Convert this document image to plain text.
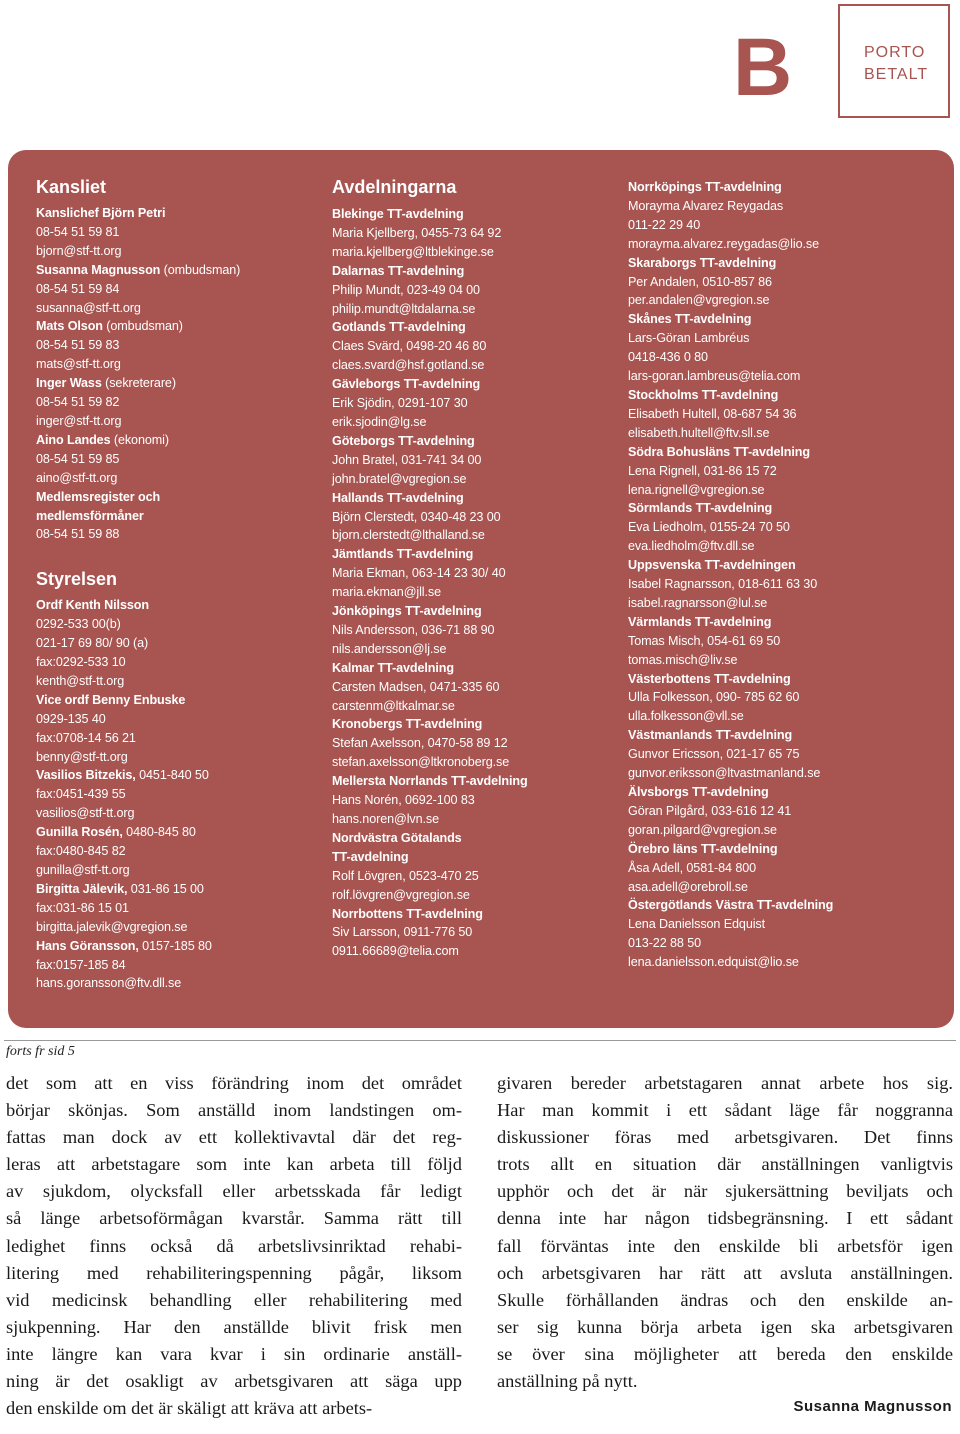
B	PORTO
BETALT
Kansliet
Kanslichef Björn Petri
08-54 51 59 81
bjorn@stf-tt.org
Susanna Magnusson (ombudsman)
08-54 51 59 84
susanna@stf-tt.org
Mats Olson (ombudsman)
08-54 51 59 83
mats@stf-tt.org
Inger Wass (sekreterare)
08-54 51 59 82
inger@stf-tt.org
Aino Landes (ekonomi)
08-54 51 59 85
aino@stf-tt.org
Medlemsregister och
medlemsförmåner
08-54 51 59 88
Styrelsen
Ordf Kenth Nilsson
0292-533 00(b)
021-17 69 80/ 90 (a)
fax:0292-533 10
kenth@stf-tt.org
Vice ordf Benny Enbuske
0929-135 40
fax:0708-14 56 21
benny@stf-tt.org
Vasilios Bitzekis, 0451-840 50
fax:0451-439 55
vasilios@stf-tt.org
Gunilla Rosén, 0480-845 80
fax:0480-845 82
gunilla@stf-tt.org
Birgitta Jälevik, 031-86 15 00
fax:031-86 15 01
birgitta.jalevik@vgregion.se
Hans Göransson, 0157-185 80
fax:0157-185 84
hans.goransson@ftv.dll.se
Avdelningarna
Blekinge TT-avdelning
Maria Kjellberg, 0455-73 64 92
maria.kjellberg@ltblekinge.se
Dalarnas TT-avdelning
Philip Mundt, 023-49 04 00
philip.mundt@ltdalarna.se
Gotlands TT-avdelning
Claes Svärd, 0498-20 46 80
claes.svard@hsf.gotland.se
Gävleborgs TT-avdelning
Erik Sjödin, 0291-107 30
erik.sjodin@lg.se
Göteborgs TT-avdelning
John Bratel, 031-741 34 00
john.bratel@vgregion.se
Hallands TT-avdelning
Björn Clerstedt, 0340-48 23 00
bjorn.clerstedt@lthalland.se
Jämtlands TT-avdelning
Maria Ekman, 063-14 23 30/ 40
maria.ekman@jll.se
Jönköpings TT-avdelning
Nils Andersson, 036-71 88 90
nils.andersson@lj.se
Kalmar TT-avdelning
Carsten Madsen, 0471-335 60
carstenm@ltkalmar.se
Kronobergs TT-avdelning
Stefan Axelsson, 0470-58 89 12
stefan.axelsson@ltkronoberg.se
Mellersta Norrlands TT-avdelning
Hans Norén, 0692-100 83
hans.noren@lvn.se
Nordvästra Götalands
TT-avdelning
Rolf Lövgren, 0523-470 25
rolf.lövgren@vgregion.se
Norrbottens TT-avdelning
Siv Larsson, 0911-776 50
0911.66689@telia.com
Norrköpings TT-avdelning
Morayma Alvarez Reygadas
011-22 29 40
morayma.alvarez.reygadas@lio.se
Skaraborgs TT-avdelning
Per Andalen, 0510-857 86
per.andalen@vgregion.se
Skånes TT-avdelning
Lars-Göran Lambréus
0418-436 0 80
lars-goran.lambreus@telia.com
Stockholms TT-avdelning
Elisabeth Hultell, 08-687 54 36
elisabeth.hultell@ftv.sll.se
Södra Bohusläns TT-avdelning
Lena Rignell, 031-86 15 72
lena.rignell@vgregion.se
Sörmlands TT-avdelning
Eva Liedholm, 0155-24 70 50
eva.liedholm@ftv.dll.se
Uppsvenska TT-avdelningen
Isabel Ragnarsson, 018-611 63 30
isabel.ragnarsson@lul.se
Värmlands TT-avdelning
Tomas Misch, 054-61 69 50
tomas.misch@liv.se
Västerbottens TT-avdelning
Ulla Folkesson, 090- 785 62 60
ulla.folkesson@vll.se
Västmanlands TT-avdelning
Gunvor Ericsson, 021-17 65 75
gunvor.eriksson@ltvastmanland.se
Älvsborgs TT-avdelning
Göran Pilgård, 033-616 12 41
goran.pilgard@vgregion.se
Örebro läns TT-avdelning
Åsa Adell, 0581-84 800
asa.adell@orebroll.se
Östergötlands Västra TT-avdelning
Lena Danielsson Edquist
013-22 88 50
lena.danielsson.edquist@lio.se
forts fr sid 5
det som att en viss förändring inom det området
börjar skönjas. Som anställd inom landstingen om-
fattas man dock av ett kollektivavtal där det reg-
leras att arbetstagare som inte kan arbeta till följd
av sjukdom, olycksfall eller arbetsskada får ledigt
så länge arbetsoförmågan kvarstår. Samma rätt till
ledighet finns också då arbetslivsinriktad rehabi-
litering med rehabiliteringspenning pågår, liksom
vid medicinsk behandling eller rehabilitering med
sjukpenning. Har den anställde blivit frisk men
inte längre kan vara kvar i sin ordinarie anställ-
ning är det osakligt av arbetsgivaren att säga upp
den enskilde om det är skäligt att kräva att arbets-
givaren bereder arbetstagaren annat arbete hos sig.
Har man kommit i ett sådant läge får noggranna
diskussioner föras med arbetsgivaren. Det finns
trots allt en situation där anställningen vanligtvis
upphör och det är när sjukersättning beviljats och
denna inte har någon tidsbegränsning. I ett sådant
fall förväntas inte den enskilde bli arbetsför igen
och arbetsgivaren har rätt att avsluta anställningen.
Skulle förhållanden ändras och den enskilde an-
ser sig kunna börja arbeta igen ska arbetsgivaren
se över sina möjligheter att bereda den enskilde
anställning på nytt.
Susanna Magnusson
